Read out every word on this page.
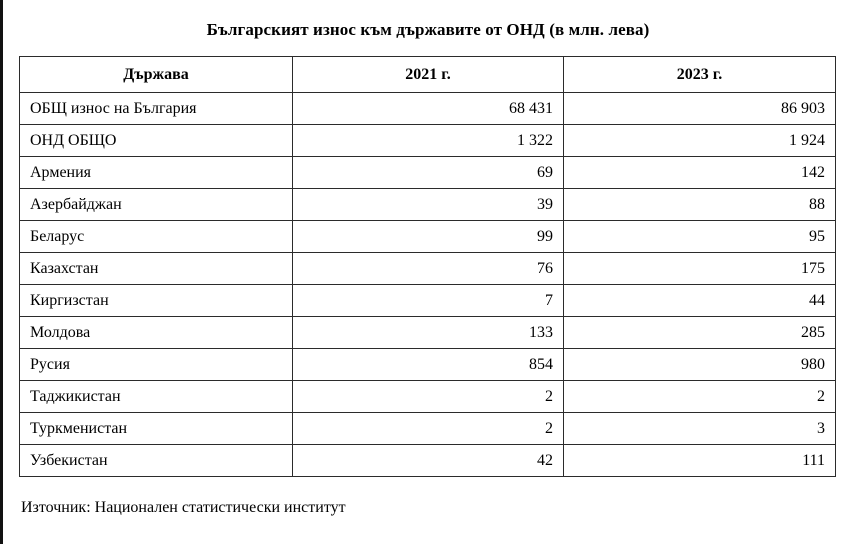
Българският износ към държавите от ОНД (в млн. лева)
Държава	2021 г.	2023 г.
ОБЩ износ на България	68 431	86 903
ОНД ОБЩО	1 322	1 924
Армения	69	142
Азербайджан	39	88
Беларус	99	95
Казахстан	76	175
Киргизстан	7	44
Молдова	133	285
Русия	854	980
Таджикистан	2	2
Туркменистан	2	3
Узбекистан	42	111
Източник: Национален статистически институт
